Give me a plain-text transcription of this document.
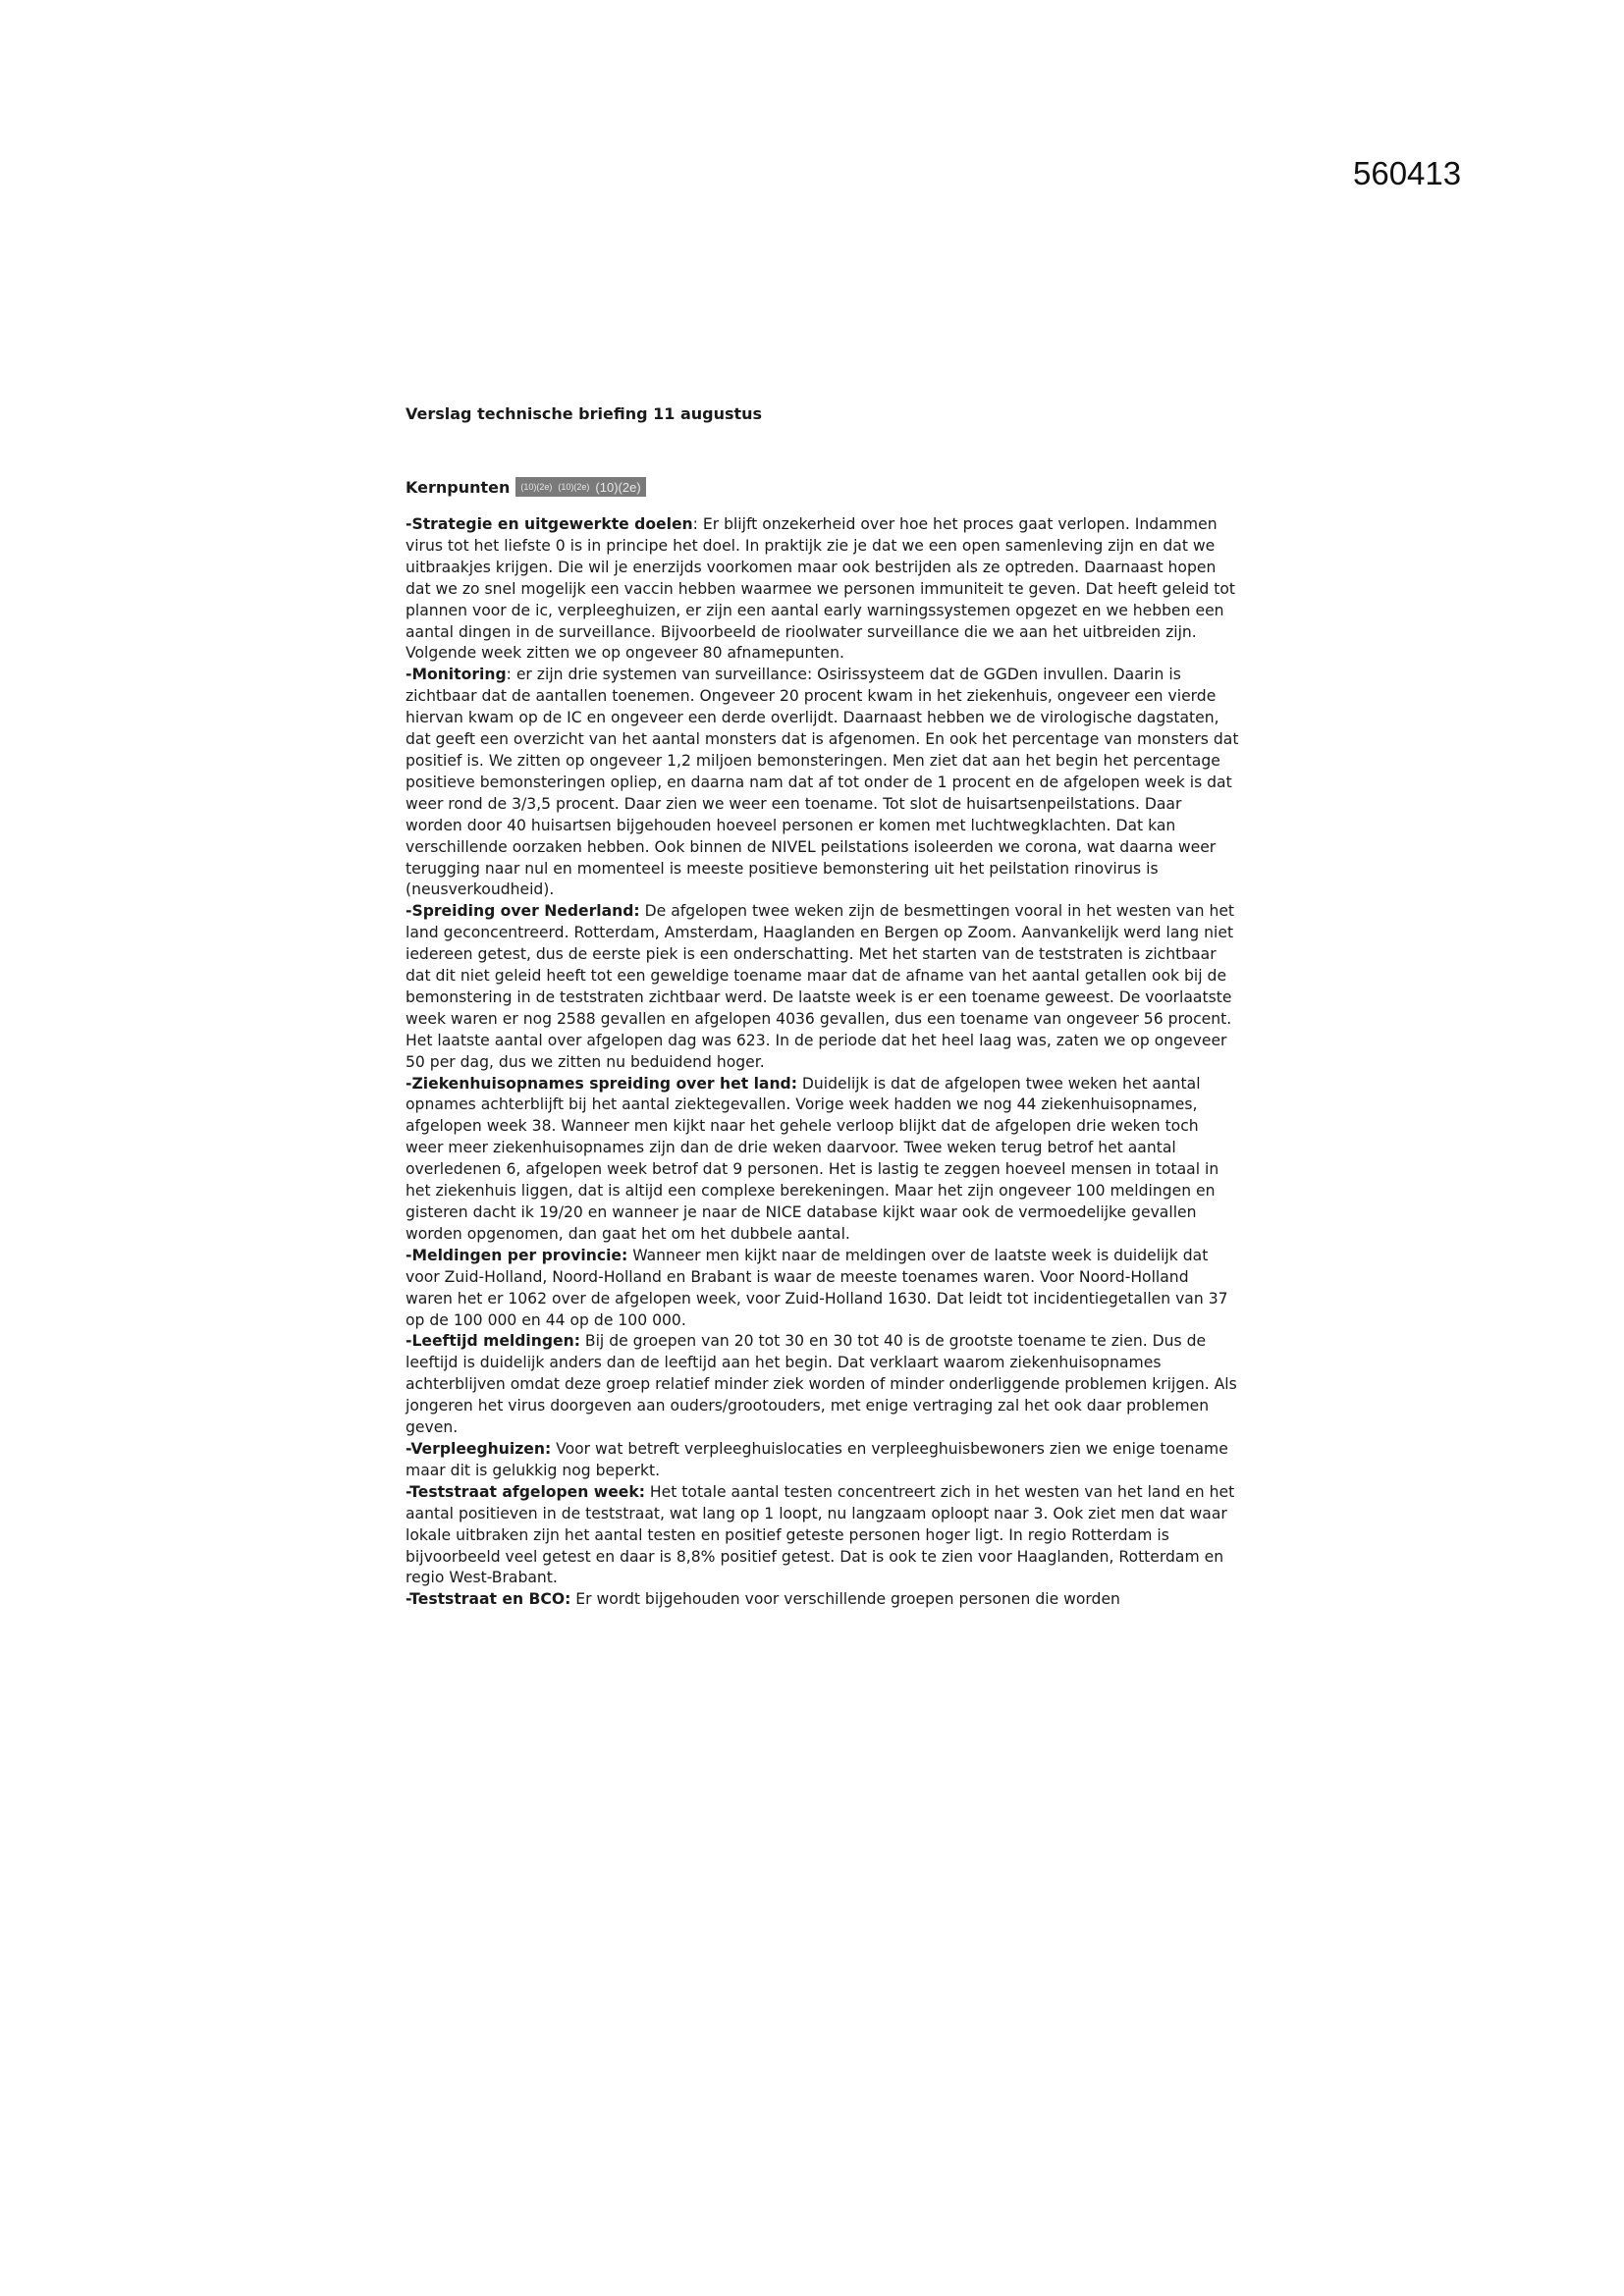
560413
Verslag technische briefing 11 augustus
Kernpunten (10)(2e) (10)(2e) (10)(2e)

-Strategie en uitgewerkte doelen: Er blijft onzekerheid over hoe het proces gaat verlopen. Indammen virus tot het liefste 0 is in principe het doel. In praktijk zie je dat we een open samenleving zijn en dat we uitbraakjes krijgen. Die wil je enerzijds voorkomen maar ook bestrijden als ze optreden. Daarnaast hopen dat we zo snel mogelijk een vaccin hebben waarmee we personen immuniteit te geven. Dat heeft geleid tot plannen voor de ic, verpleeghuizen, er zijn een aantal early warningssystemen opgezet en we hebben een aantal dingen in de surveillance. Bijvoorbeeld de rioolwater surveillance die we aan het uitbreiden zijn. Volgende week zitten we op ongeveer 80 afnamepunten.

-Monitoring: er zijn drie systemen van surveillance: Osirissysteem dat de GGDen invullen. Daarin is zichtbaar dat de aantallen toenemen. Ongeveer 20 procent kwam in het ziekenhuis, ongeveer een vierde hiervan kwam op de IC en ongeveer een derde overlijdt. Daarnaast hebben we de virologische dagstaten, dat geeft een overzicht van het aantal monsters dat is afgenomen. En ook het percentage van monsters dat positief is. We zitten op ongeveer 1,2 miljoen bemonsteringen. Men ziet dat aan het begin het percentage positieve bemonsteringen opliep, en daarna nam dat af tot onder de 1 procent en de afgelopen week is dat weer rond de 3/3,5 procent. Daar zien we weer een toename. Tot slot de huisartsenpeilstations. Daar worden door 40 huisartsen bijgehouden hoeveel personen er komen met luchtwegklachten. Dat kan verschillende oorzaken hebben. Ook binnen de NIVEL peilstations isoleerden we corona, wat daarna weer terugging naar nul en momenteel is meeste positieve bemonstering uit het peilstation rinovirus is (neusverkoudheid).

-Spreiding over Nederland: De afgelopen twee weken zijn de besmettingen vooral in het westen van het land geconcentreerd. Rotterdam, Amsterdam, Haaglanden en Bergen op Zoom. Aanvankelijk werd lang niet iedereen getest, dus de eerste piek is een onderschatting. Met het starten van de teststraten is zichtbaar dat dit niet geleid heeft tot een geweldige toename maar dat de afname van het aantal getallen ook bij de bemonstering in de teststraten zichtbaar werd. De laatste week is er een toename geweest. De voorlaatste week waren er nog 2588 gevallen en afgelopen 4036 gevallen, dus een toename van ongeveer 56 procent. Het laatste aantal over afgelopen dag was 623. In de periode dat het heel laag was, zaten we op ongeveer 50 per dag, dus we zitten nu beduidend hoger.

-Ziekenhuisopnames spreiding over het land: Duidelijk is dat de afgelopen twee weken het aantal opnames achterblijft bij het aantal ziektegevallen. Vorige week hadden we nog 44 ziekenhuisopnames, afgelopen week 38. Wanneer men kijkt naar het gehele verloop blijkt dat de afgelopen drie weken toch weer meer ziekenhuisopnames zijn dan de drie weken daarvoor. Twee weken terug betrof het aantal overledenen 6, afgelopen week betrof dat 9 personen. Het is lastig te zeggen hoeveel mensen in totaal in het ziekenhuis liggen, dat is altijd een complexe berekeningen. Maar het zijn ongeveer 100 meldingen en gisteren dacht ik 19/20 en wanneer je naar de NICE database kijkt waar ook de vermoedelijke gevallen worden opgenomen, dan gaat het om het dubbele aantal.

-Meldingen per provincie: Wanneer men kijkt naar de meldingen over de laatste week is duidelijk dat voor Zuid-Holland, Noord-Holland en Brabant is waar de meeste toenames waren. Voor Noord-Holland waren het er 1062 over de afgelopen week, voor Zuid-Holland 1630. Dat leidt tot incidentiegetallen van 37 op de 100 000 en 44 op de 100 000.

-Leeftijd meldingen: Bij de groepen van 20 tot 30 en 30 tot 40 is de grootste toename te zien. Dus de leeftijd is duidelijk anders dan de leeftijd aan het begin. Dat verklaart waarom ziekenhuisopnames achterblijven omdat deze groep relatief minder ziek worden of minder onderliggende problemen krijgen. Als jongeren het virus doorgeven aan ouders/grootouders, met enige vertraging zal het ook daar problemen geven.

-Verpleeghuizen: Voor wat betreft verpleeghuislocaties en verpleeghuisbewoners zien we enige toename maar dit is gelukkig nog beperkt.

-Teststraat afgelopen week: Het totale aantal testen concentreert zich in het westen van het land en het aantal positieven in de teststraat, wat lang op 1 loopt, nu langzaam oploopt naar 3. Ook ziet men dat waar lokale uitbraken zijn het aantal testen en positief geteste personen hoger ligt. In regio Rotterdam is bijvoorbeeld veel getest en daar is 8,8% positief getest. Dat is ook te zien voor Haaglanden, Rotterdam en regio West-Brabant.

-Teststraat en BCO: Er wordt bijgehouden voor verschillende groepen personen die worden
